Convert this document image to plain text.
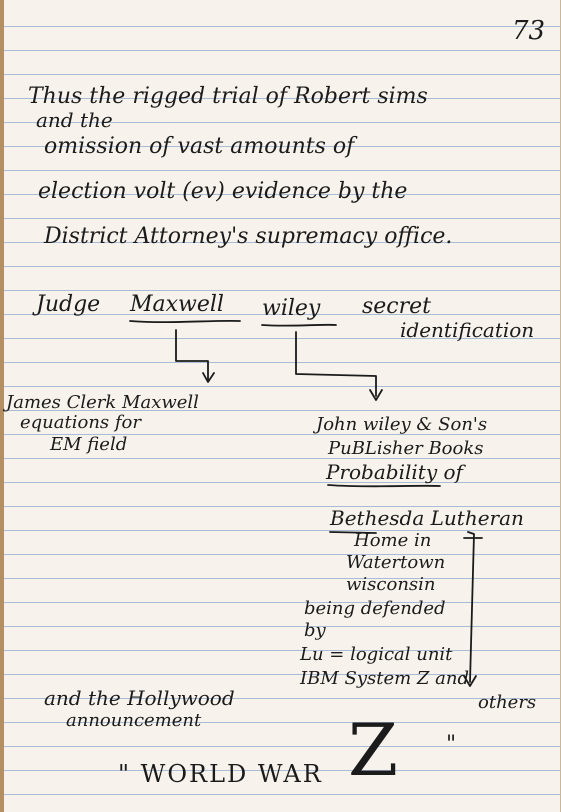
73
Thus the rigged trial of Robert sims
and the
omission of vast amounts of
election volt (ev) evidence by the
District Attorney's supremacy office.
Judge Maxwell wiley secret
identification
James Clerk Maxwell
equations for
EM field
John wiley & Son's
PuBLisher Books
Probability of
Bethesda Lutheran
Home in
Watertown
wisconsin
being defended
by
Lu = logical unit
IBM System Z and
others
and the Hollywood
announcement
" WORLD WAR Z "
